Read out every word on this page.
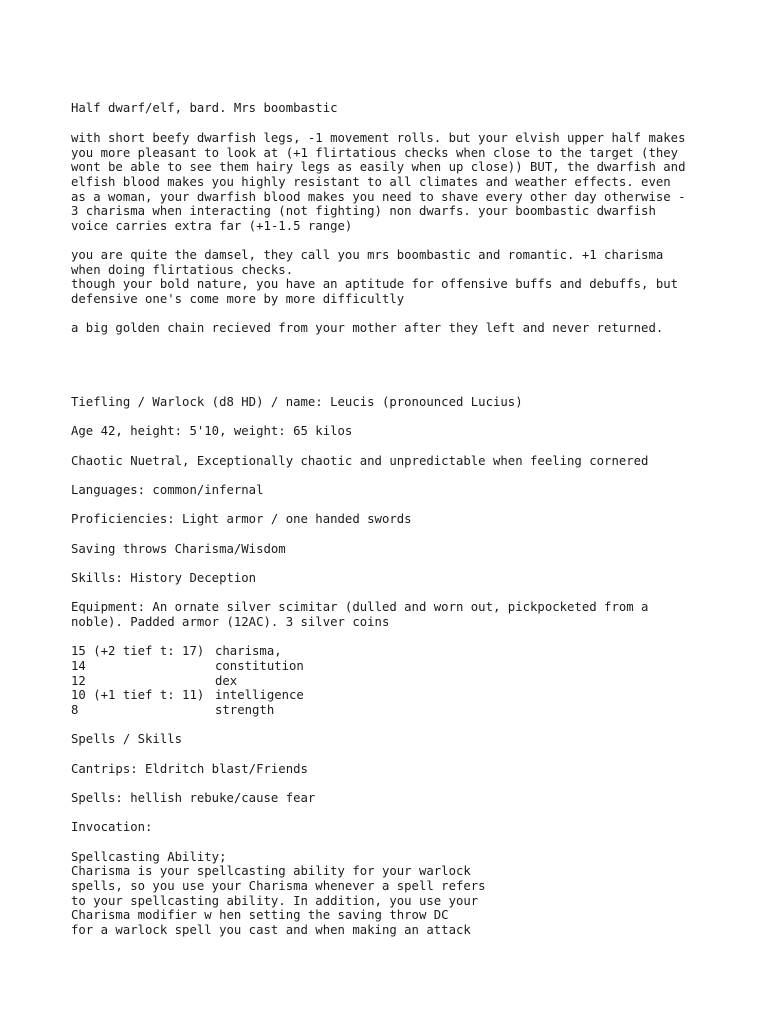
Half dwarf/elf, bard. Mrs boombastic
with short beefy dwarfish legs, -1 movement rolls. but your elvish upper half makes
you more pleasant to look at (+1 flirtatious checks when close to the target (they
wont be able to see them hairy legs as easily when up close)) BUT, the dwarfish and
elfish blood makes you highly resistant to all climates and weather effects. even
as a woman, your dwarfish blood makes you need to shave every other day otherwise -
3 charisma when interacting (not fighting) non dwarfs. your boombastic dwarfish
voice carries extra far (+1-1.5 range)
you are quite the damsel, they call you mrs boombastic and romantic. +1 charisma
when doing flirtatious checks.
though your bold nature, you have an aptitude for offensive buffs and debuffs, but
defensive one's come more by more difficultly
a big golden chain recieved from your mother after they left and never returned.
Tiefling / Warlock (d8 HD) / name: Leucis (pronounced Lucius)
Age 42, height: 5'10, weight: 65 kilos
Chaotic Nuetral, Exceptionally chaotic and unpredictable when feeling cornered
Languages: common/infernal
Proficiencies: Light armor / one handed swords
Saving throws Charisma/Wisdom
Skills: History Deception
Equipment: An ornate silver scimitar (dulled and worn out, pickpocketed from a
noble). Padded armor (12AC). 3 silver coins
15 (+2 tief t: 17) charisma,
14	constitution
12	dex
10 (+1 tief t: 11) intelligence
8	strength
Spells / Skills
Cantrips: Eldritch blast/Friends
Spells: hellish rebuke/cause fear
Invocation:
Spellcasting Ability;
Charisma is your spellcasting ability for your warlock
spells, so you use your Charisma whenever a spell refers
to your spellcasting ability. In addition, you use your
Charisma modifier w hen setting the saving throw DC
for a warlock spell you cast and when making an attack
